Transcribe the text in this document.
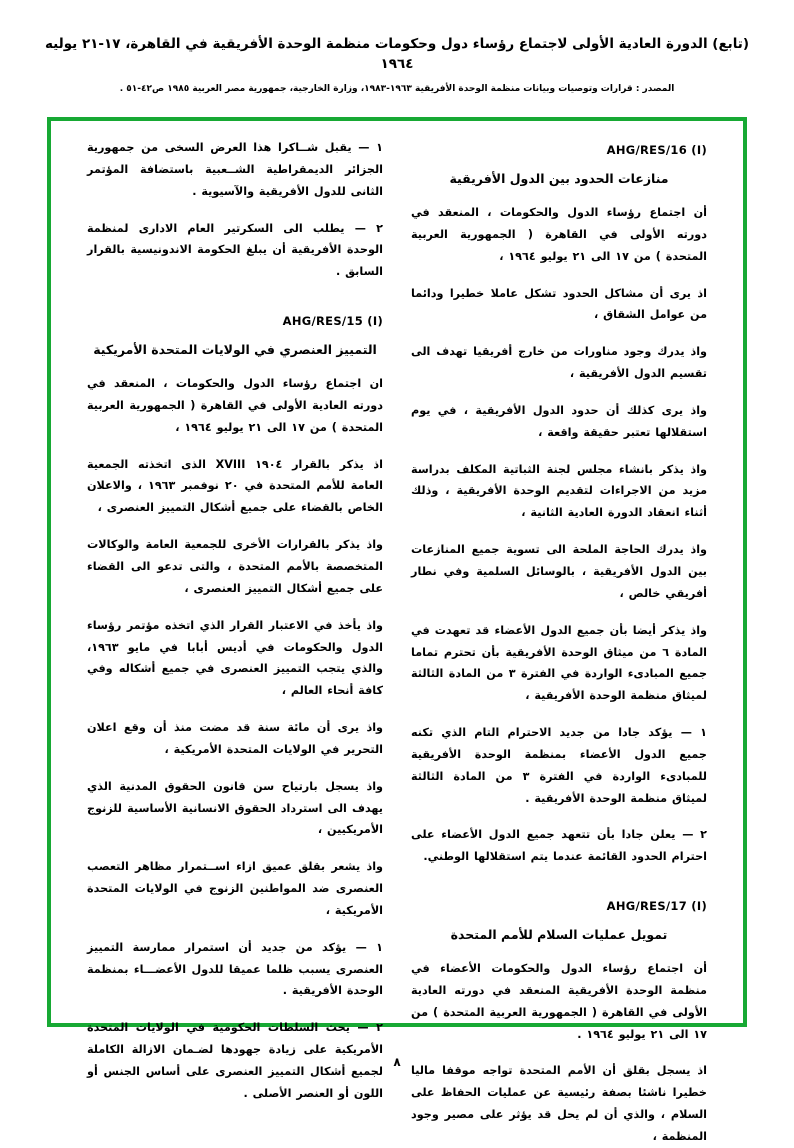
(تابع) الدورة العادية الأولى لاجتماع رؤساء دول وحكومات منظمة الوحدة الأفريقية في القاهرة، ١٧-٢١ يوليه ١٩٦٤
المصدر : قرارات وتوصيات وبيانات منظمة الوحدة الأفريقية ١٩٦٣-١٩٨٣، وزارة الخارجية، جمهورية مصر العربية ١٩٨٥ ص٤٢-٥١ .
AHG/RES/16 (I)
منازعات الحدود بين الدول الأفريقية

أن اجتماع رؤساء الدول والحكومات ، المنعقد في دورته الأولى في القاهرة ( الجمهورية العربية المتحدة ) من ١٧ الى ٢١ يوليو ١٩٦٤ ،

اذ يرى أن مشاكل الحدود تشكل عاملا خطيرا ودائما من عوامل الشقاق ،

واذ يدرك وجود مناورات من خارج أفريقيا تهدف الى تقسيم الدول الأفريقية ،

واذ يرى كذلك أن حدود الدول الأفريقية ، في يوم استقلالها تعتبر حقيقة واقعة ،

واذ يذكر بانشاء مجلس لجنة الثباتية المكلف بدراسة مزيد من الاجراءات لتقديم الوحدة الأفريقية ، وذلك أثناء انعقاد الدورة العادية الثانية ،

واذ يدرك الحاجة الملحة الى تسوية جميع المنازعات بين الدول الأفريقية ، بالوسائل السلمية وفي نطار أفريقي خالص ،

واذ يذكر أيضا بأن جميع الدول الأعضاء قد تعهدت في المادة ٦ من ميثاق الوحدة الأفريقية بأن تحترم تماما جميع المبادىء الواردة في الفترة ٣ من المادة الثالثة لميثاق منظمة الوحدة الأفريقية ،

١ — يؤكد جادا من جديد الاحترام التام الذي تكنه جميع الدول الأعضاء بمنظمة الوحدة الأفريقية للمبادىء الواردة في الفترة ٣ من المادة الثالثة لميثاق منظمة الوحدة الأفريقية .

٢ — يعلن جادا بأن تتعهد جميع الدول الأعضاء على احترام الحدود القائمة عندما يتم استقلالها الوطني.

AHG/RES/17 (I)
تمويل عمليات السلام للأمم المتحدة

أن اجتماع رؤساء الدول والحكومات الأعضاء في منظمة الوحدة الأفريقية المنعقد في دورته العادية الأولى في القاهرة ( الجمهورية العربية المتحدة ) من ١٧ الى ٢١ يوليو ١٩٦٤ .

اذ يسجل بقلق أن الأمم المتحدة تواجه موقفا ماليا خطيرا ناشئا بصفة رئيسية عن عمليات الحفاظ على السلام ، والذي أن لم يحل قد يؤثر على مصير وجود المنظمة ،

١ — يقبل شــاكرا هذا العرض السخى من جمهورية الجزائر الديمقراطية الشــعبية باستضافة المؤتمر الثانى للدول الأفريقية والآسيوية .

٢ — يطلب الى السكرتير العام الادارى لمنظمة الوحدة الأفريقية أن يبلغ الحكومة الاندونيسية بالقرار السابق .

AHG/RES/15 (I)
التمييز العنصري في الولايات المتحدة الأمريكية

ان اجتماع رؤساء الدول والحكومات ، المنعقد في دورته العادية الأولى في القاهرة ( الجمهورية العربية المتحدة ) من ١٧ الى ٢١ يوليو ١٩٦٤ ،

اذ يذكر بالقرار ١٩٠٤ XVIII الذى اتخذته الجمعية العامة للأمم المتحدة في ٢٠ نوفمبر ١٩٦٣ ، والاعلان الخاص بالقضاء على جميع أشكال التمييز العنصرى ،

واذ يذكر بالقرارات الأخرى للجمعية العامة والوكالات المتخصصة بالأمم المتحدة ، والتى تدعو الى القضاء على جميع أشكال التمييز العنصرى ،

واذ يأخذ في الاعتبار القرار الذي اتخذه مؤتمر رؤساء الدول والحكومات في أديس أبابا في مايو ١٩٦٣، والذي يتجب التمييز العنصرى في جميع أشكاله وفي كافة أنحاء العالم ،

واذ يرى أن مائة سنة قد مضت منذ أن وقع اعلان التحرير في الولايات المتحدة الأمريكية ،

واذ يسجل بارتياح سن قانون الحقوق المدنية الذي يهدف الى استرداد الحقوق الانسانية الأساسية للزنوج الأمريكيين ،

واذ يشعر بقلق عميق ازاء اســتمرار مظاهر التعصب العنصرى ضد المواطنين الزنوج في الولايات المتحدة الأمريكية ،

١ — يؤكد من جديد أن استمرار ممارسة التمييز العنصرى يسبب ظلما عميقا للدول الأعضـــاء بمنظمة الوحدة الأفريقية .

٢ — يحث السلطات الحكومية في الولايات المتحدة الأمريكية على زيادة جهودها لضـمان الازالة الكاملة لجميع أشكال التمييز العنصرى على أساس الجنس أو اللون أو العنصر الأصلى .

٨
